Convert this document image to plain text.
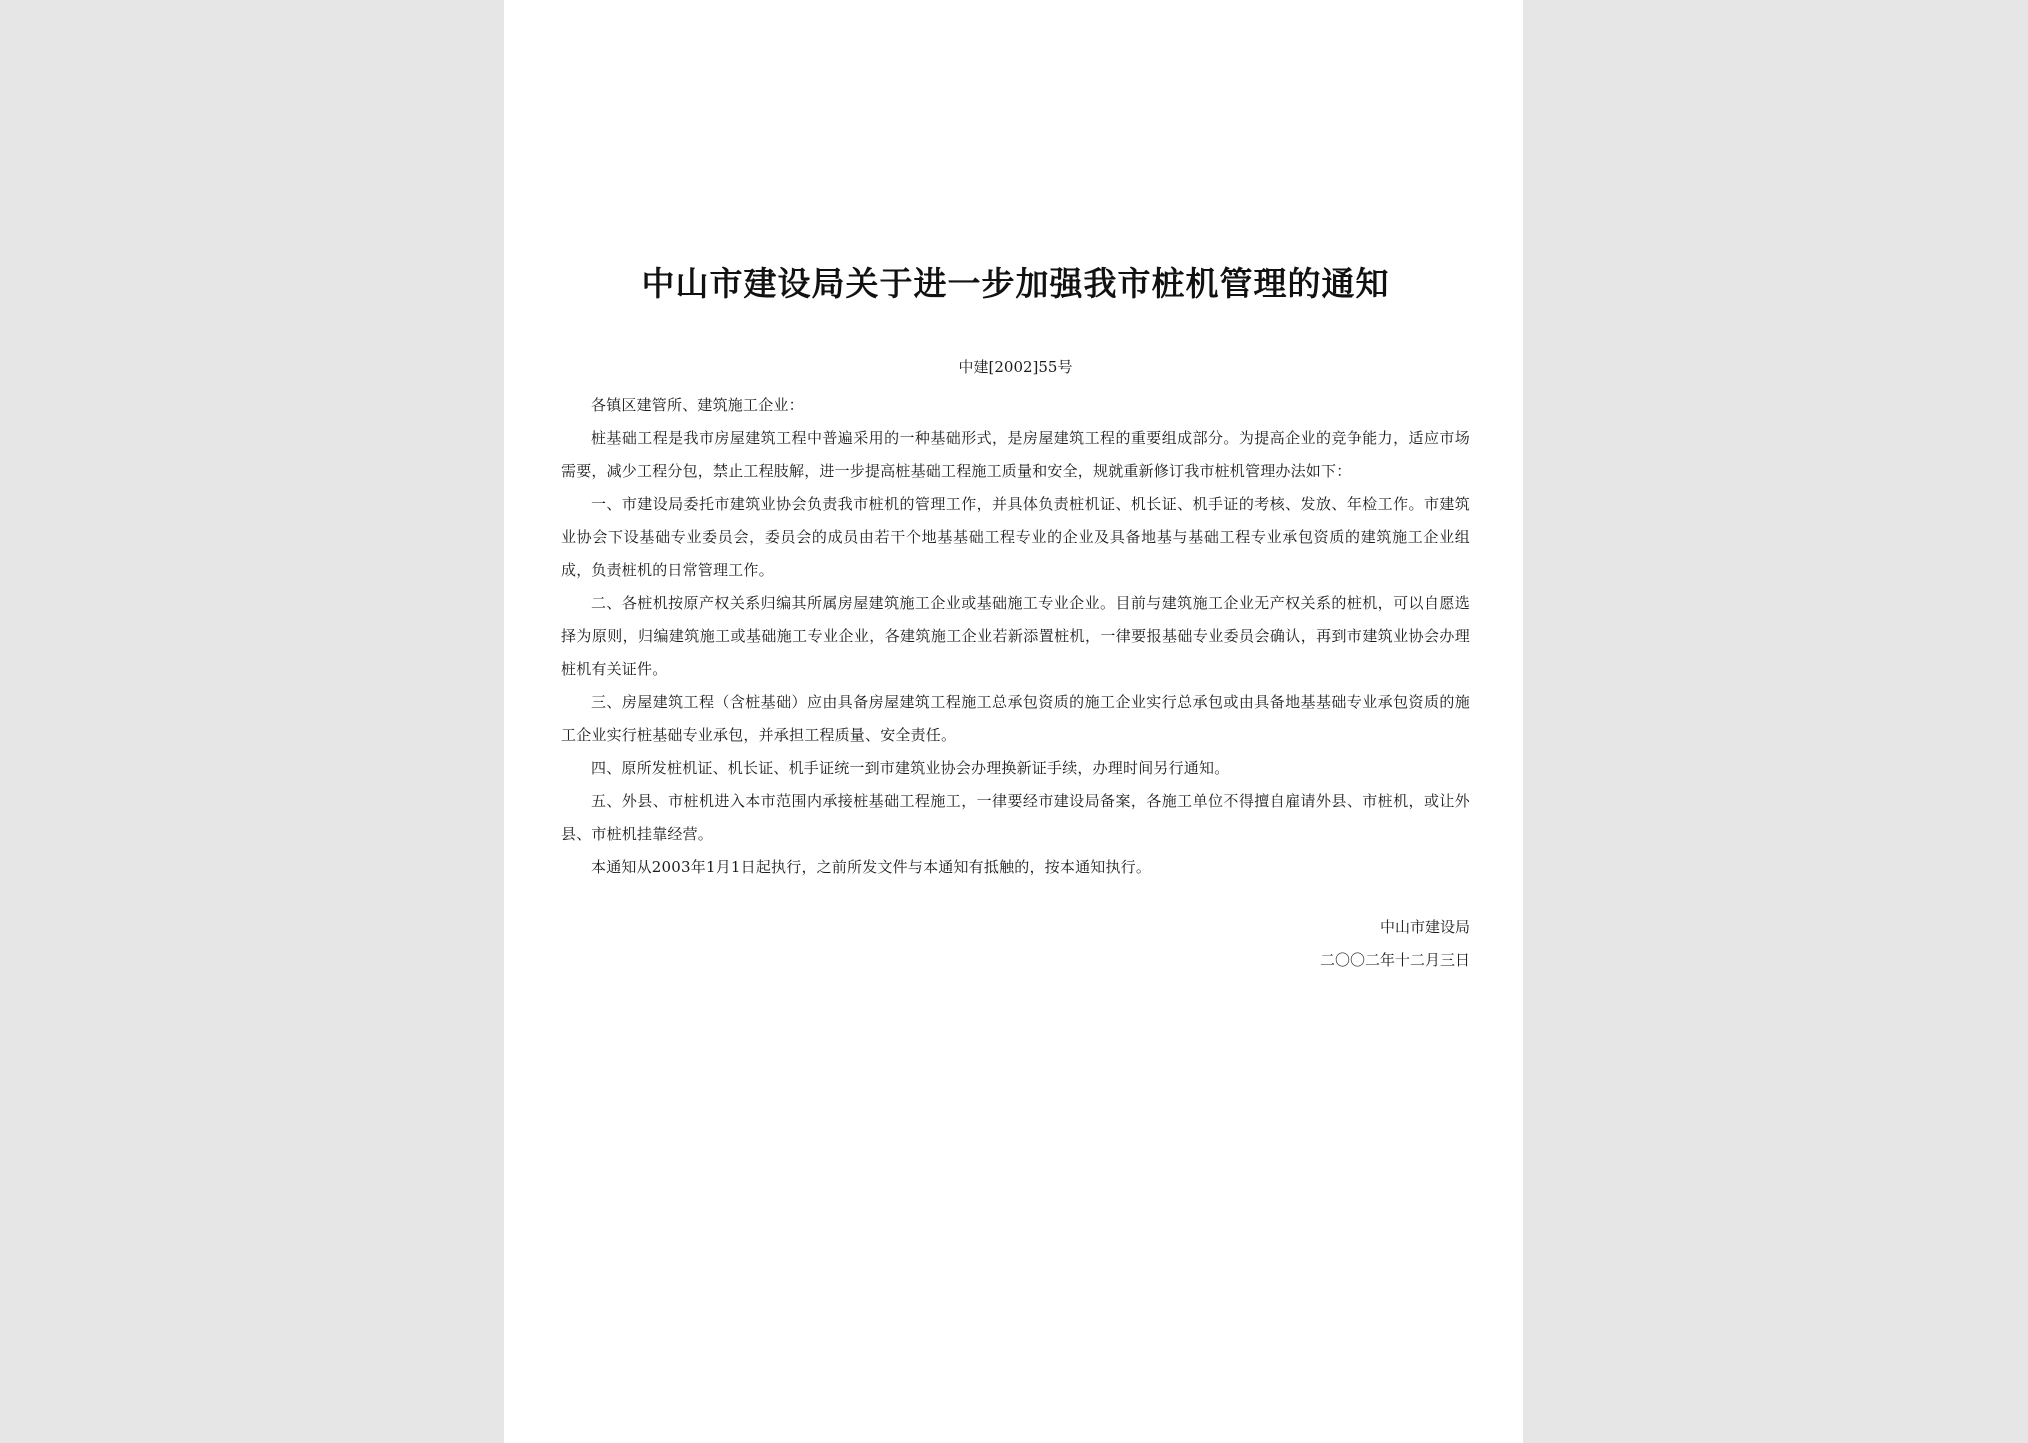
中山市建设局关于进一步加强我市桩机管理的通知
中建[2002]55号

各镇区建管所、建筑施工企业：

桩基础工程是我市房屋建筑工程中普遍采用的一种基础形式，是房屋建筑工程的重要组成部分。为提高企业的竞争能力，适应市场需要，减少工程分包，禁止工程肢解，进一步提高桩基础工程施工质量和安全，规就重新修订我市桩机管理办法如下：

一、市建设局委托市建筑业协会负责我市桩机的管理工作，并具体负责桩机证、机长证、机手证的考核、发放、年检工作。市建筑业协会下设基础专业委员会，委员会的成员由若干个地基基础工程专业的企业及具备地基与基础工程专业承包资质的建筑施工企业组成，负责桩机的日常管理工作。

二、各桩机按原产权关系归编其所属房屋建筑施工企业或基础施工专业企业。目前与建筑施工企业无产权关系的桩机，可以自愿选择为原则，归编建筑施工或基础施工专业企业，各建筑施工企业若新添置桩机，一律要报基础专业委员会确认，再到市建筑业协会办理桩机有关证件。

三、房屋建筑工程（含桩基础）应由具备房屋建筑工程施工总承包资质的施工企业实行总承包或由具备地基基础专业承包资质的施工企业实行桩基础专业承包，并承担工程质量、安全责任。

四、原所发桩机证、机长证、机手证统一到市建筑业协会办理换新证手续，办理时间另行通知。

五、外县、市桩机进入本市范围内承接桩基础工程施工，一律要经市建设局备案，各施工单位不得擅自雇请外县、市桩机，或让外县、市桩机挂靠经营。

本通知从2003年1月1日起执行，之前所发文件与本通知有抵触的，按本通知执行。

中山市建设局
二〇〇二年十二月三日
